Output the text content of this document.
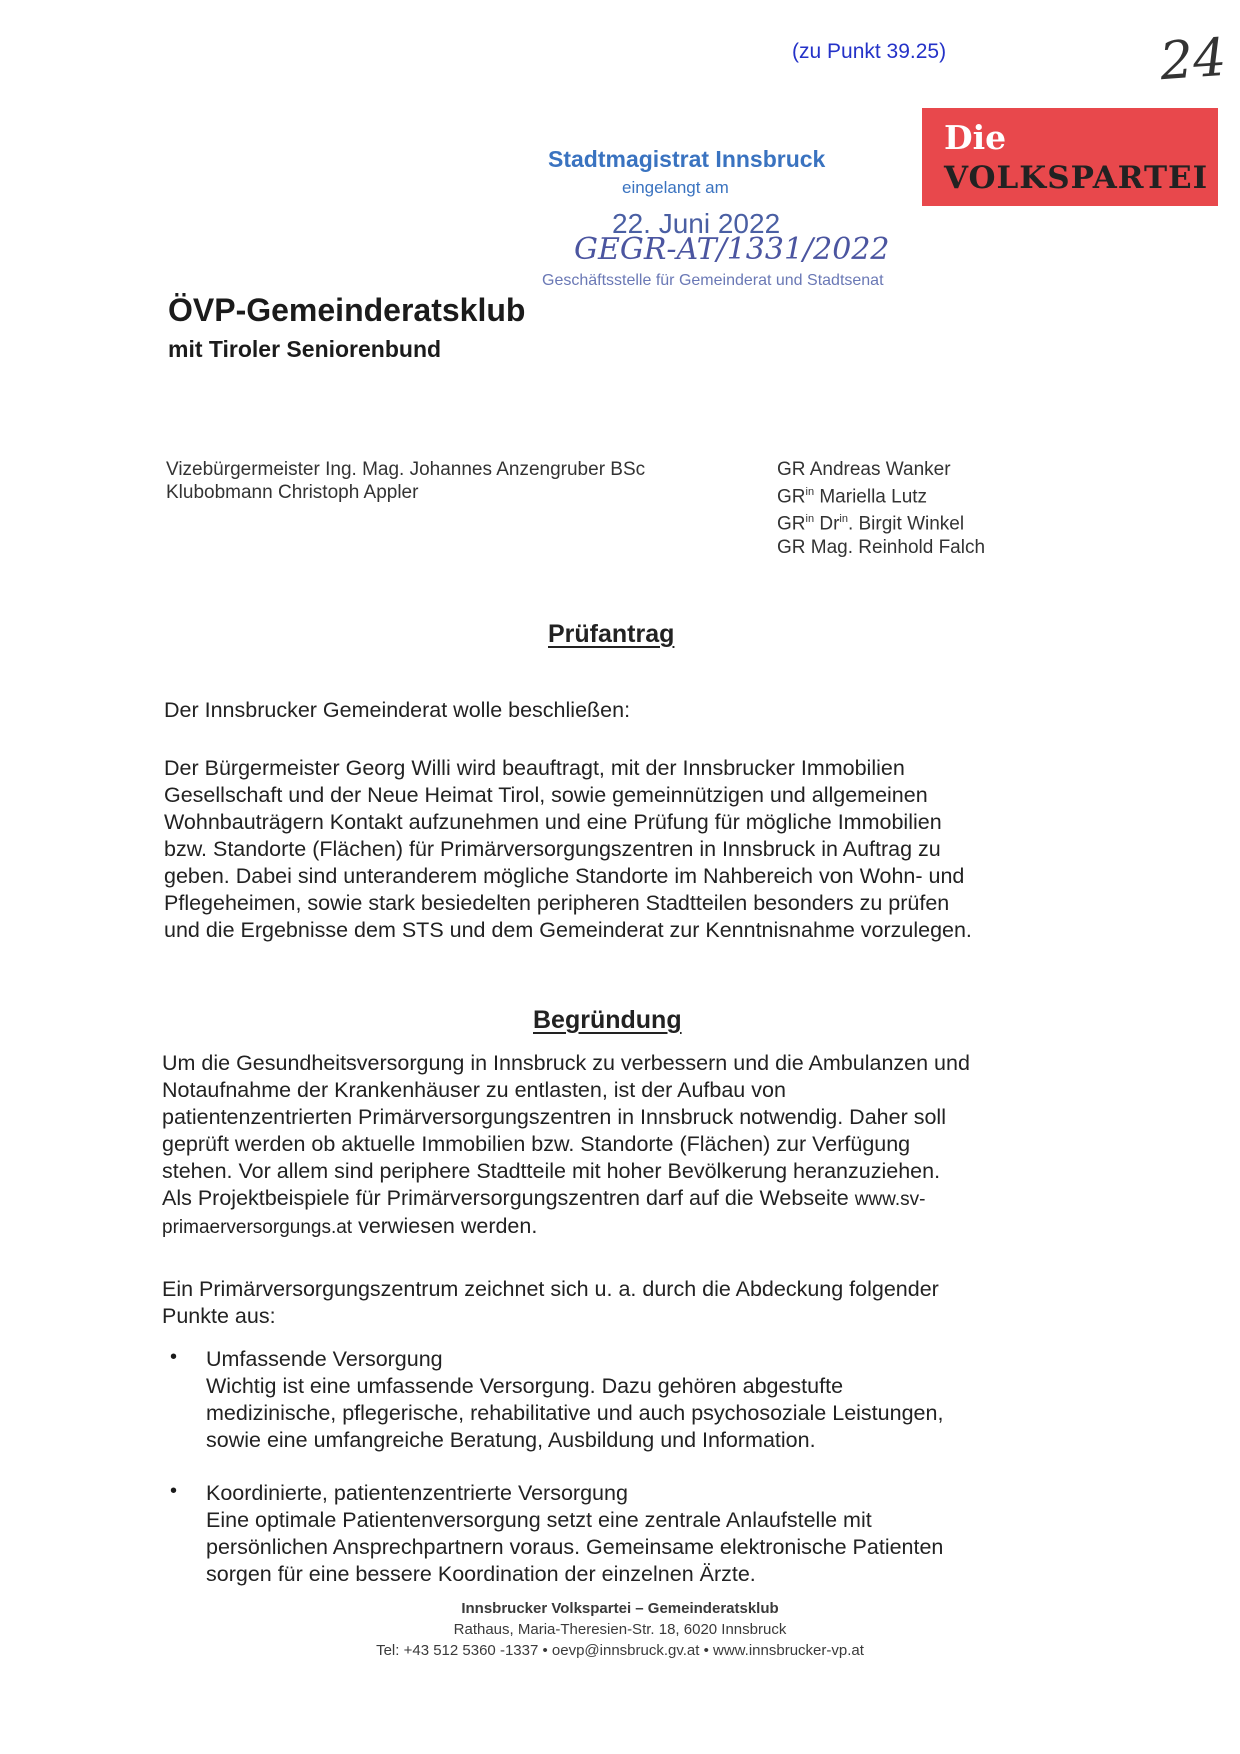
(zu Punkt 39.25)	24
Die
VOLKSPARTEI
Stadtmagistrat Innsbruck
eingelangt am
22. Juni 2022
GEGR-AT/1331/2022
Geschäftsstelle für Gemeinderat und Stadtsenat
ÖVP-Gemeinderatsklub
mit Tiroler Seniorenbund
Vizebürgermeister Ing. Mag. Johannes Anzengruber BSc
Klubobmann Christoph Appler
GR Andreas Wanker
$GR^{in}$ Mariella Lutz
$GR^{in}$ $Dr^{in}$. Birgit Winkel
GR Mag. Reinhold Falch
Prüfantrag
Der Innsbrucker Gemeinderat wolle beschließen:
Der Bürgermeister Georg Willi wird beauftragt, mit der Innsbrucker Immobilien
Gesellschaft und der Neue Heimat Tirol, sowie gemeinnützigen und allgemeinen
Wohnbauträgern Kontakt aufzunehmen und eine Prüfung für mögliche Immobilien
bzw. Standorte (Flächen) für Primärversorgungszentren in Innsbruck in Auftrag zu
geben. Dabei sind unteranderem mögliche Standorte im Nahbereich von Wohn- und
Pflegeheimen, sowie stark besiedelten peripheren Stadtteilen besonders zu prüfen
und die Ergebnisse dem STS und dem Gemeinderat zur Kenntnisnahme vorzulegen.
Begründung
Um die Gesundheitsversorgung in Innsbruck zu verbessern und die Ambulanzen und
Notaufnahme der Krankenhäuser zu entlasten, ist der Aufbau von
patientenzentrierten Primärversorgungszentren in Innsbruck notwendig. Daher soll
geprüft werden ob aktuelle Immobilien bzw. Standorte (Flächen) zur Verfügung
stehen. Vor allem sind periphere Stadtteile mit hoher Bevölkerung heranzuziehen.
Als Projektbeispiele für Primärversorgungszentren darf auf die Webseite www.sv-
primaerversorgungs.at verwiesen werden.
Ein Primärversorgungszentrum zeichnet sich u. a. durch die Abdeckung folgender
Punkte aus:
• Umfassende Versorgung
Wichtig ist eine umfassende Versorgung. Dazu gehören abgestufte
medizinische, pflegerische, rehabilitative und auch psychosoziale Leistungen,
sowie eine umfangreiche Beratung, Ausbildung und Information.
• Koordinierte, patientenzentrierte Versorgung
Eine optimale Patientenversorgung setzt eine zentrale Anlaufstelle mit
persönlichen Ansprechpartnern voraus. Gemeinsame elektronische Patienten
sorgen für eine bessere Koordination der einzelnen Ärzte.
Innsbrucker Volkspartei – Gemeinderatsklub
Rathaus, Maria-Theresien-Str. 18, 6020 Innsbruck
Tel: +43 512 5360 -1337 • oevp@innsbruck.gv.at • www.innsbrucker-vp.at
